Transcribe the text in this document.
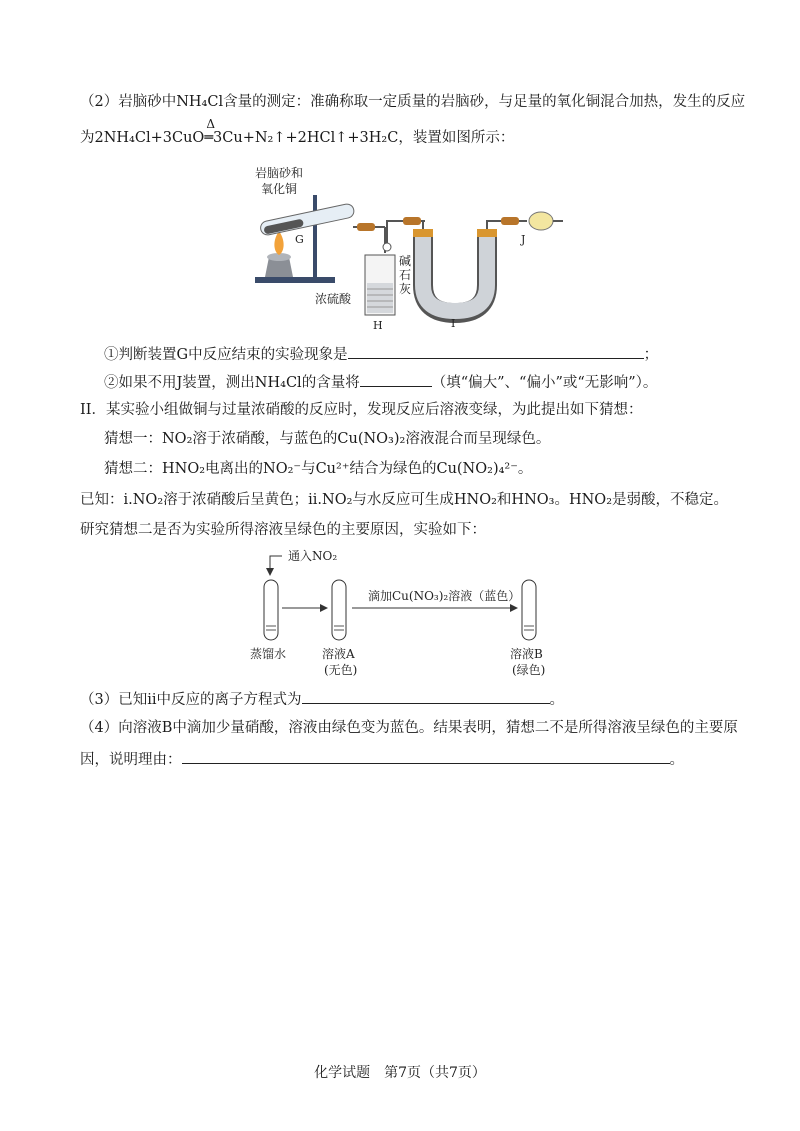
（2）岩脑砂中NH₄Cl含量的测定：准确称取一定质量的岩脑砂，与足量的氧化铜混合加热，发生的反应
为2NH₄Cl+3CuO
Δ
═3Cu+N₂↑+2HCl↑+3H₂C，装置如图所示：
岩脑砂和
氧化铜
G
浓硫酸
H
碱
石
灰
I
J
①判断装置G中反应结束的实验现象是	；
②如果不用J装置，测出NH₄Cl的含量将	（填“偏大”、“偏小”或“无影响”）。
II．某实验小组做铜与过量浓硝酸的反应时，发现反应后溶液变绿，为此提出如下猜想：
猜想一：NO₂溶于浓硝酸，与蓝色的Cu(NO₃)₂溶液混合而呈现绿色。
猜想二：HNO₂电离出的NO₂⁻与Cu²⁺结合为绿色的Cu(NO₂)₄²⁻。
已知：i.NO₂溶于浓硝酸后呈黄色；ii.NO₂与水反应可生成HNO₂和HNO₃。HNO₂是弱酸，不稳定。
研究猜想二是否为实验所得溶液呈绿色的主要原因，实验如下：
通入NO₂
滴加Cu(NO₃)₂溶液（蓝色）
蒸馏水	溶液A
(无色)
溶液B
(绿色)
（3）已知ii中反应的离子方程式为	。
（4）向溶液B中滴加少量硝酸，溶液由绿色变为蓝色。结果表明，猜想二不是所得溶液呈绿色的主要原
因，说明理由：	。
化学试题　第7页（共7页）
